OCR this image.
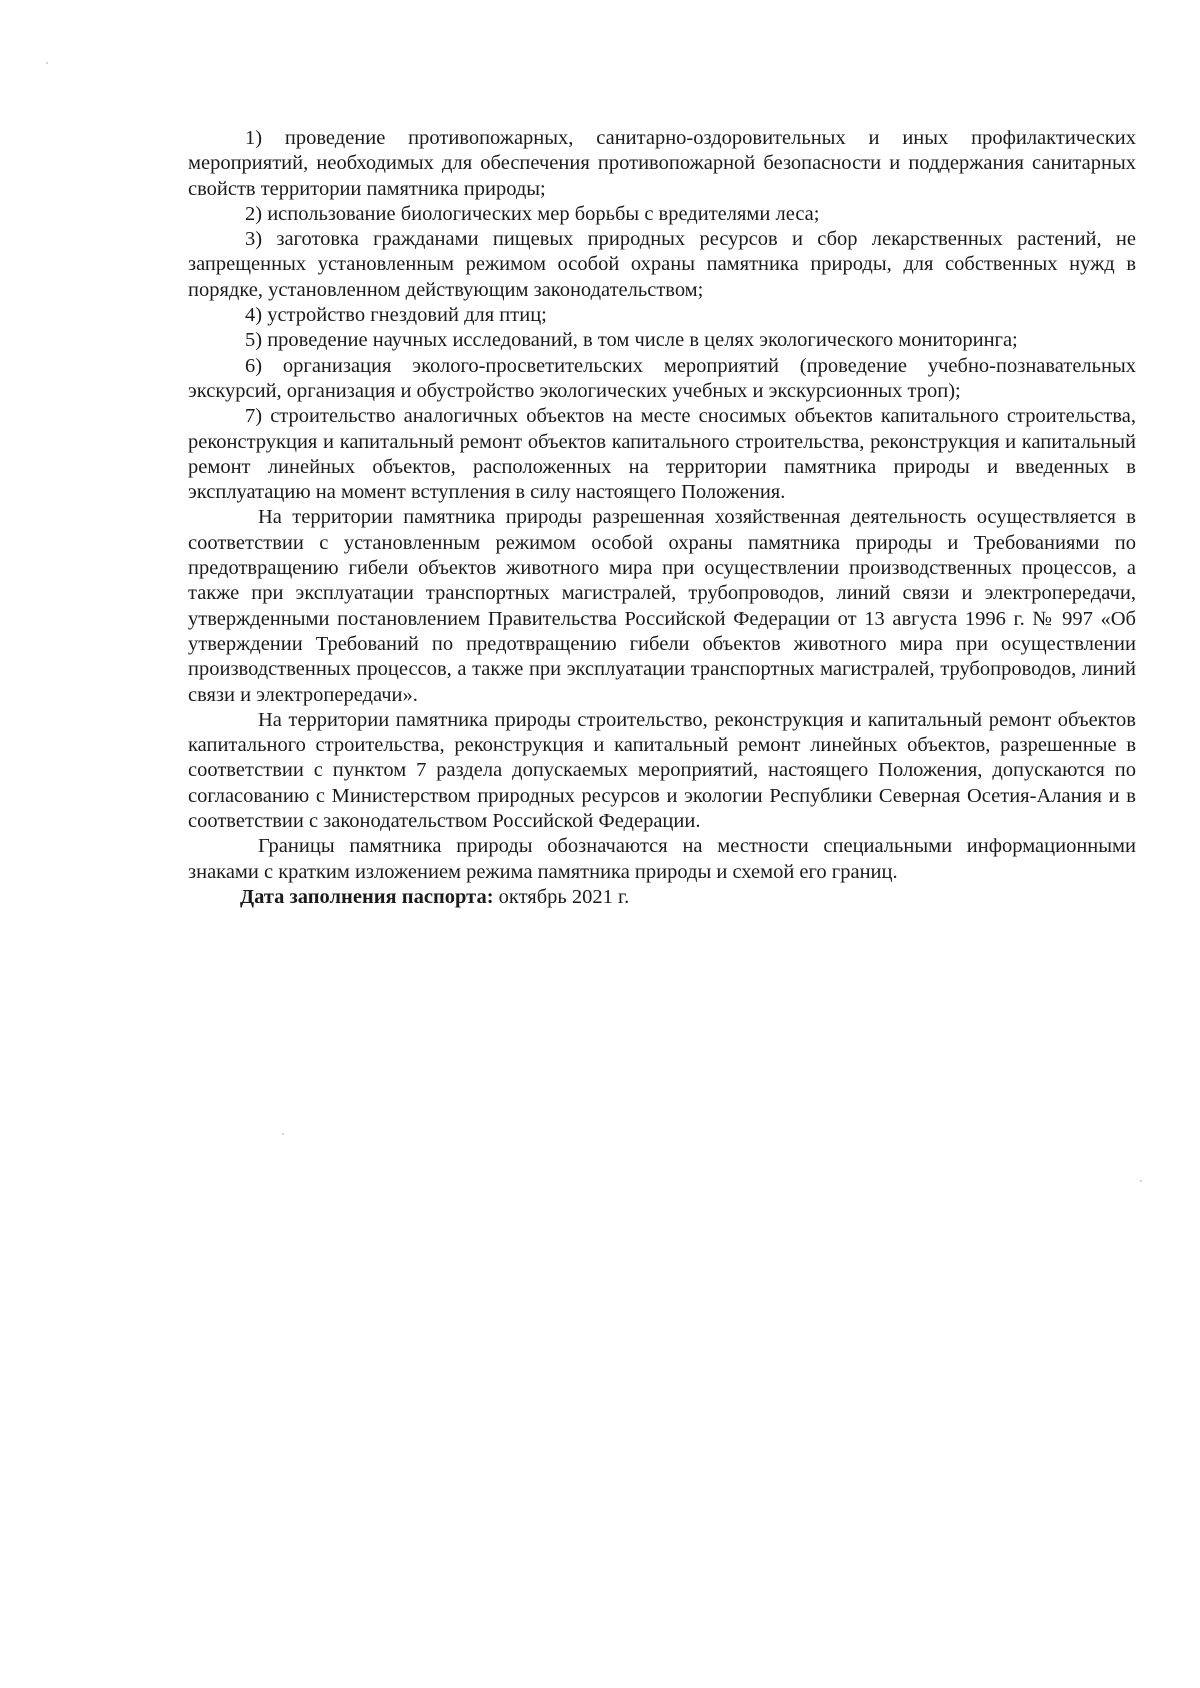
1) проведение противопожарных, санитарно-оздоровительных и иных профилактических мероприятий, необходимых для обеспечения противопожарной безопасности и поддержания санитарных свойств территории памятника природы;

2) использование биологических мер борьбы с вредителями леса;

3) заготовка гражданами пищевых природных ресурсов и сбор лекарственных растений, не запрещенных установленным режимом особой охраны памятника природы, для собственных нужд в порядке, установленном действующим законодательством;

4) устройство гнездовий для птиц;

5) проведение научных исследований, в том числе в целях экологического мониторинга;

6) организация эколого-просветительских мероприятий (проведение учебно-познавательных экскурсий, организация и обустройство экологических учебных и экскурсионных троп);

7) строительство аналогичных объектов на месте сносимых объектов капитального строительства, реконструкция и капитальный ремонт объектов капитального строительства, реконструкция и капитальный ремонт линейных объектов, расположенных на территории памятника природы и введенных в эксплуатацию на момент вступления в силу настоящего Положения.

На территории памятника природы разрешенная хозяйственная деятельность осуществляется в соответствии с установленным режимом особой охраны памятника природы и Требованиями по предотвращению гибели объектов животного мира при осуществлении производственных процессов, а также при эксплуатации транспортных магистралей, трубопроводов, линий связи и электропередачи, утвержденными постановлением Правительства Российской Федерации от 13 августа 1996 г. № 997 «Об утверждении Требований по предотвращению гибели объектов животного мира при осуществлении производственных процессов, а также при эксплуатации транспортных магистралей, трубопроводов, линий связи и электропередачи».

На территории памятника природы строительство, реконструкция и капитальный ремонт объектов капитального строительства, реконструкция и капитальный ремонт линейных объектов, разрешенные в соответствии с пунктом 7 раздела допускаемых мероприятий, настоящего Положения, допускаются по согласованию с Министерством природных ресурсов и экологии Республики Северная Осетия-Алания и в соответствии с законодательством Российской Федерации.

Границы памятника природы обозначаются на местности специальными информационными знаками с кратким изложением режима памятника природы и схемой его границ.

Дата заполнения паспорта: октябрь 2021 г.
